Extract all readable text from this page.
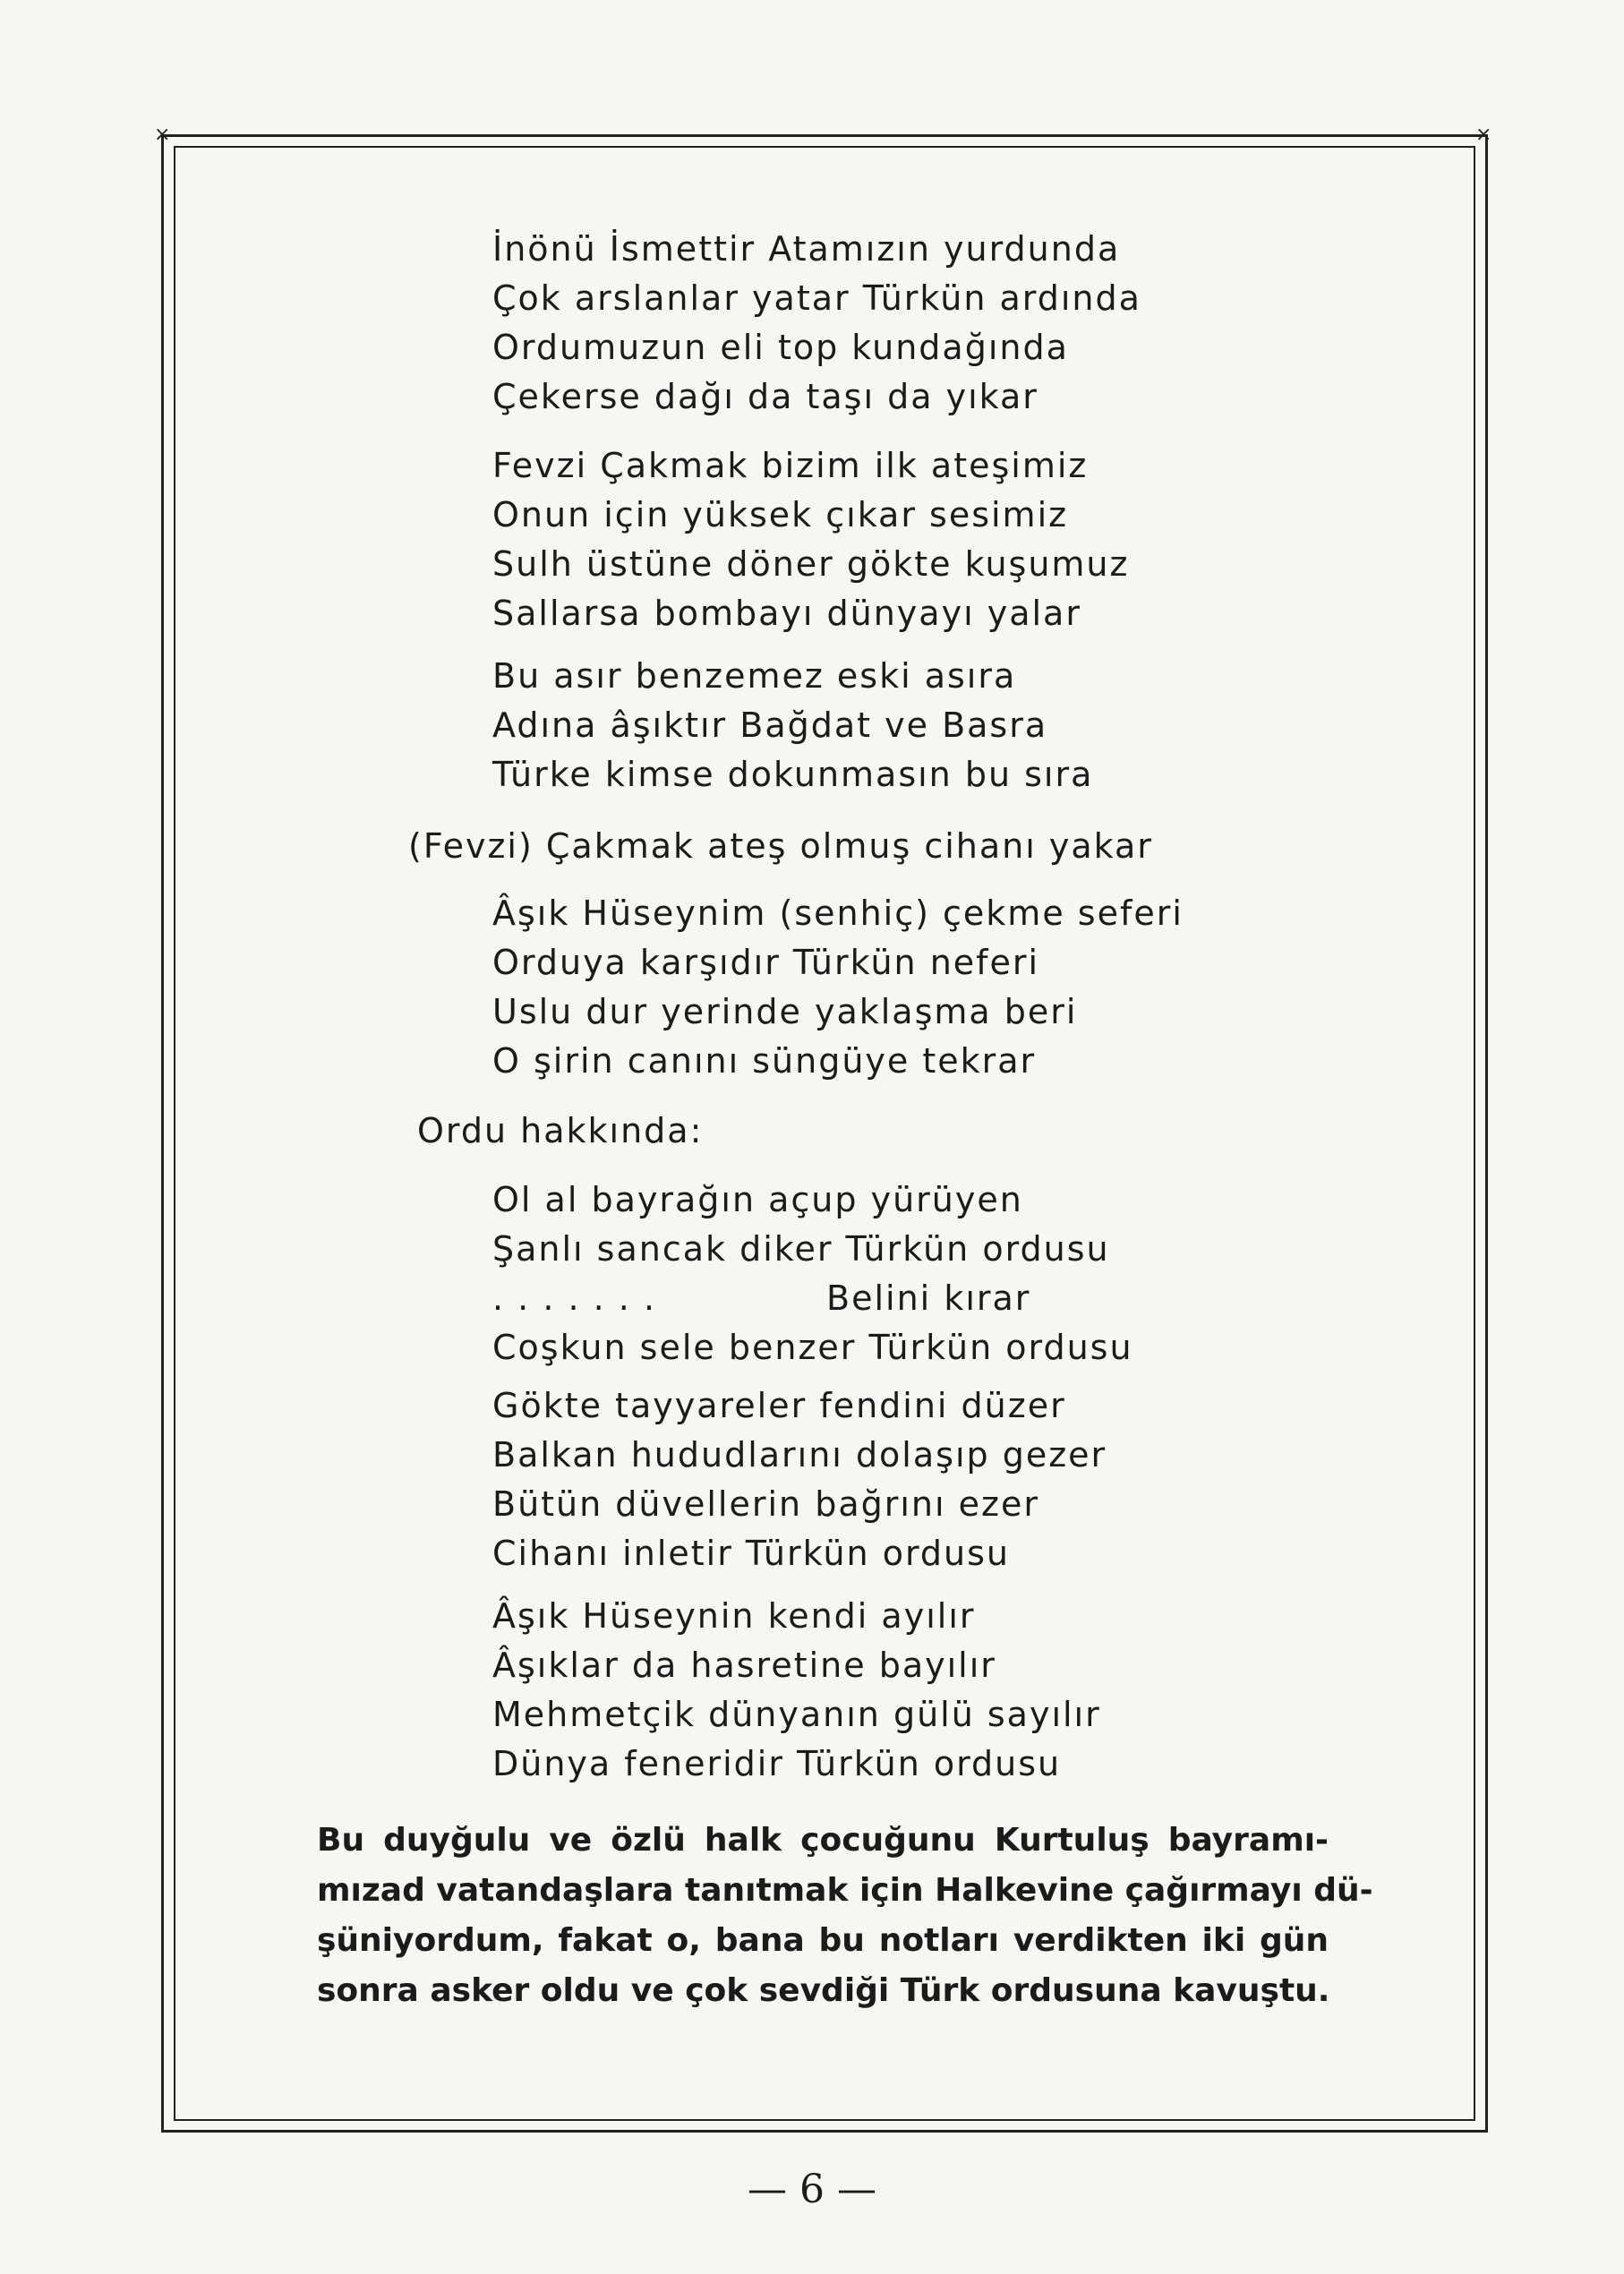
×	×
İnönü İsmettir Atamızın yurdunda
Çok arslanlar yatar Türkün ardında
Ordumuzun eli top kundağında
Çekerse dağı da taşı da yıkar
Fevzi Çakmak bizim ilk ateşimiz
Onun için yüksek çıkar sesimiz
Sulh üstüne döner gökte kuşumuz
Sallarsa bombayı dünyayı yalar
Bu asır benzemez eski asıra
Adına âşıktır Bağdat ve Basra
Türke kimse dokunmasın bu sıra
(Fevzi) Çakmak ateş olmuş cihanı yakar
Âşık Hüseynim (senhiç) çekme seferi
Orduya karşıdır Türkün neferi
Uslu dur yerinde yaklaşma beri
O şirin canını süngüye tekrar
Ordu hakkında:
Ol al bayrağın açup yürüyen
Şanlı sancak diker Türkün ordusu
. . . . . . .	Belini kırar
Coşkun sele benzer Türkün ordusu
Gökte tayyareler fendini düzer
Balkan hududlarını dolaşıp gezer
Bütün düvellerin bağrını ezer
Cihanı inletir Türkün ordusu
Âşık Hüseynin kendi ayılır
Âşıklar da hasretine bayılır
Mehmetçik dünyanın gülü sayılır
Dünya feneridir Türkün ordusu
Bu duyğulu ve özlü halk çocuğunu Kurtuluş bayramı-
mızad vatandaşlara tanıtmak için Halkevine çağırmayı dü-
şüniyordum, fakat o, bana bu notları verdikten iki gün
sonra asker oldu ve çok sevdiği Türk ordusuna kavuştu.
— 6 —
